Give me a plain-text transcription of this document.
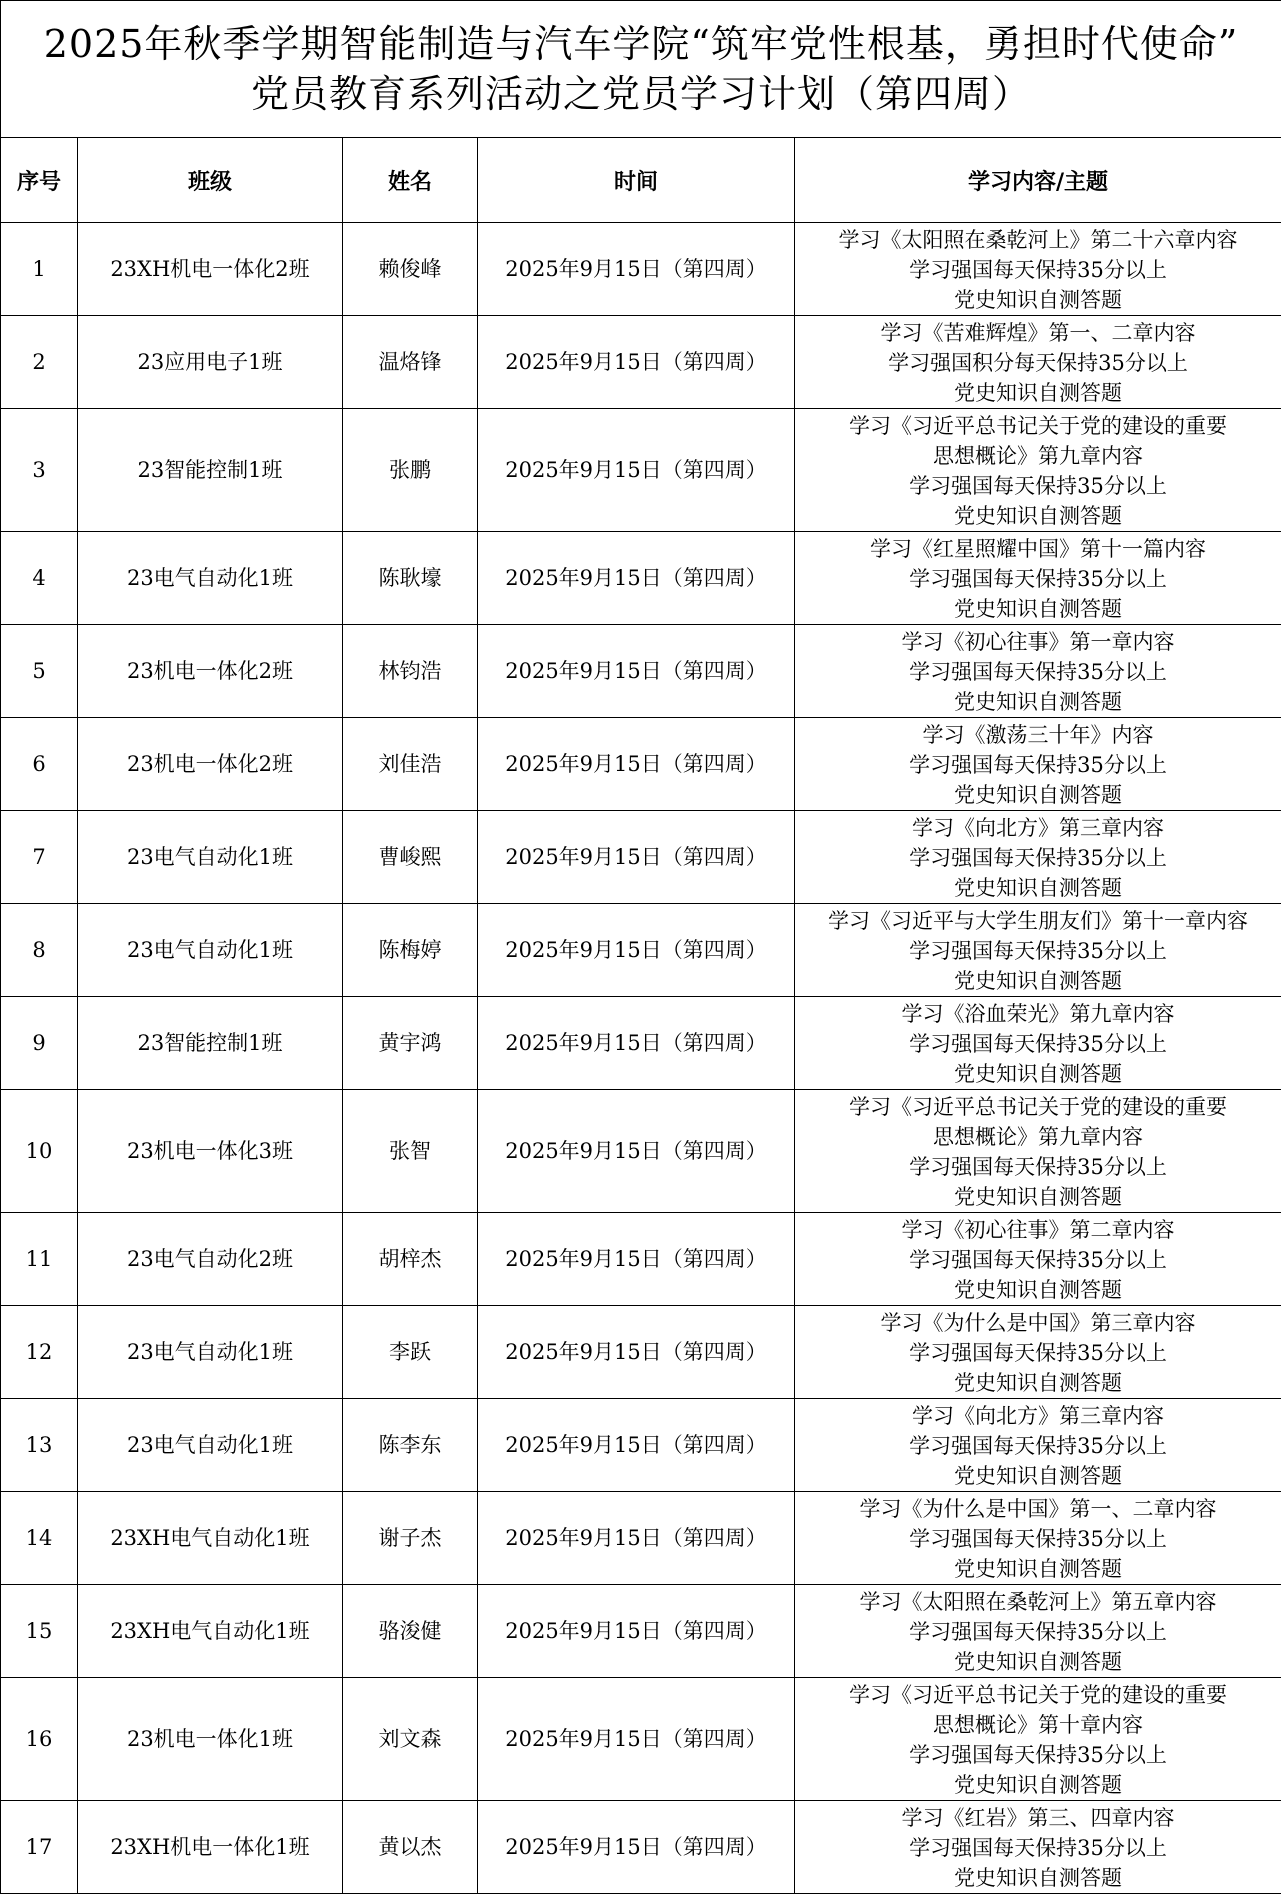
2025年秋季学期智能制造与汽车学院“筑牢党性根基，勇担时代使命”
党员教育系列活动之党员学习计划（第四周）				

序号	班级	姓名	时间	学习内容/主题
1	23XH机电一体化2班	赖俊峰	2025年9月15日（第四周）	学习《太阳照在桑乾河上》第二十六章内容
学习强国每天保持35分以上
党史知识自测答题

2	23应用电子1班	温烙锋	2025年9月15日（第四周）	学习《苦难辉煌》第一、二章内容
学习强国积分每天保持35分以上
党史知识自测答题

3	23智能控制1班	张鹏	2025年9月15日（第四周）	学习《习近平总书记关于党的建设的重要
思想概论》第九章内容
学习强国每天保持35分以上
党史知识自测答题

4	23电气自动化1班	陈耿壕	2025年9月15日（第四周）	学习《红星照耀中国》第十一篇内容
学习强国每天保持35分以上
党史知识自测答题

5	23机电一体化2班	林钧浩	2025年9月15日（第四周）	学习《初心往事》第一章内容
学习强国每天保持35分以上
党史知识自测答题

6	23机电一体化2班	刘佳浩	2025年9月15日（第四周）	学习《激荡三十年》内容
学习强国每天保持35分以上
党史知识自测答题

7	23电气自动化1班	曹峻熙	2025年9月15日（第四周）	学习《向北方》第三章内容
学习强国每天保持35分以上
党史知识自测答题

8	23电气自动化1班	陈梅婷	2025年9月15日（第四周）	学习《习近平与大学生朋友们》第十一章内容
学习强国每天保持35分以上
党史知识自测答题

9	23智能控制1班	黄宇鸿	2025年9月15日（第四周）	学习《浴血荣光》第九章内容
学习强国每天保持35分以上
党史知识自测答题

10	23机电一体化3班	张智	2025年9月15日（第四周）	学习《习近平总书记关于党的建设的重要
思想概论》第九章内容
学习强国每天保持35分以上
党史知识自测答题

11	23电气自动化2班	胡梓杰	2025年9月15日（第四周）	学习《初心往事》第二章内容
学习强国每天保持35分以上
党史知识自测答题

12	23电气自动化1班	李跃	2025年9月15日（第四周）	学习《为什么是中国》第三章内容
学习强国每天保持35分以上
党史知识自测答题

13	23电气自动化1班	陈李东	2025年9月15日（第四周）	学习《向北方》第三章内容
学习强国每天保持35分以上
党史知识自测答题

14	23XH电气自动化1班	谢子杰	2025年9月15日（第四周）	学习《为什么是中国》第一、二章内容
学习强国每天保持35分以上
党史知识自测答题

15	23XH电气自动化1班	骆浚健	2025年9月15日（第四周）	学习《太阳照在桑乾河上》第五章内容
学习强国每天保持35分以上
党史知识自测答题

16	23机电一体化1班	刘文森	2025年9月15日（第四周）	学习《习近平总书记关于党的建设的重要
思想概论》第十章内容
学习强国每天保持35分以上
党史知识自测答题

17	23XH机电一体化1班	黄以杰	2025年9月15日（第四周）	学习《红岩》第三、四章内容
学习强国每天保持35分以上
党史知识自测答题
